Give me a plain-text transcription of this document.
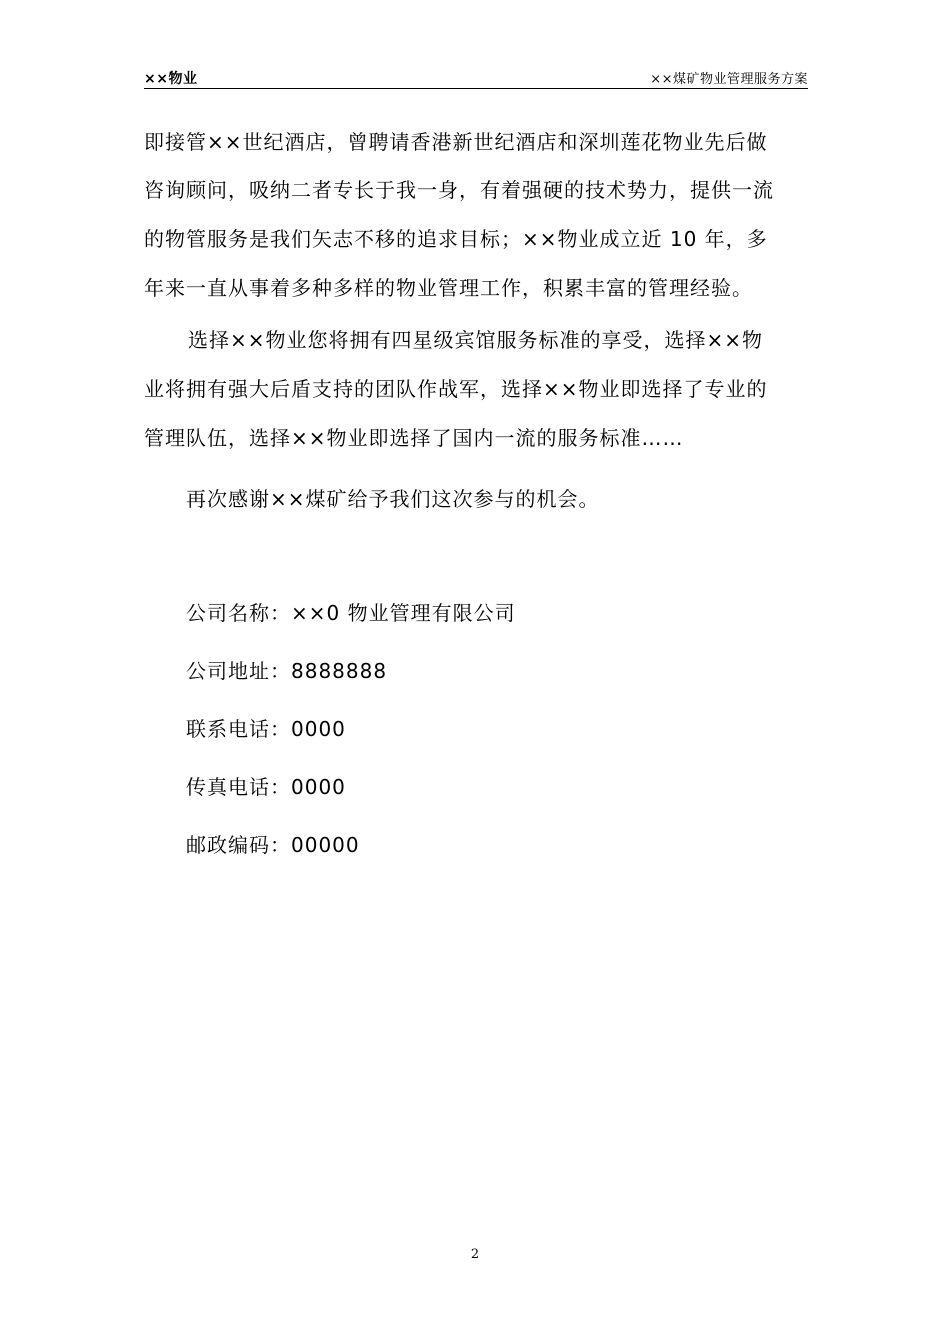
××物业	××煤矿物业管理服务方案
即接管××世纪酒店，曾聘请香港新世纪酒店和深圳莲花物业先后做
咨询顾问，吸纳二者专长于我一身，有着强硬的技术势力，提供一流
的物管服务是我们矢志不移的追求目标；××物业成立近 10 年，多
年来一直从事着多种多样的物业管理工作，积累丰富的管理经验。
选择××物业您将拥有四星级宾馆服务标准的享受，选择××物
业将拥有强大后盾支持的团队作战军，选择××物业即选择了专业的
管理队伍，选择××物业即选择了国内一流的服务标准……
再次感谢××煤矿给予我们这次参与的机会。
公司名称：××0 物业管理有限公司
公司地址：8888888
联系电话：0000
传真电话：0000
邮政编码：00000
2
